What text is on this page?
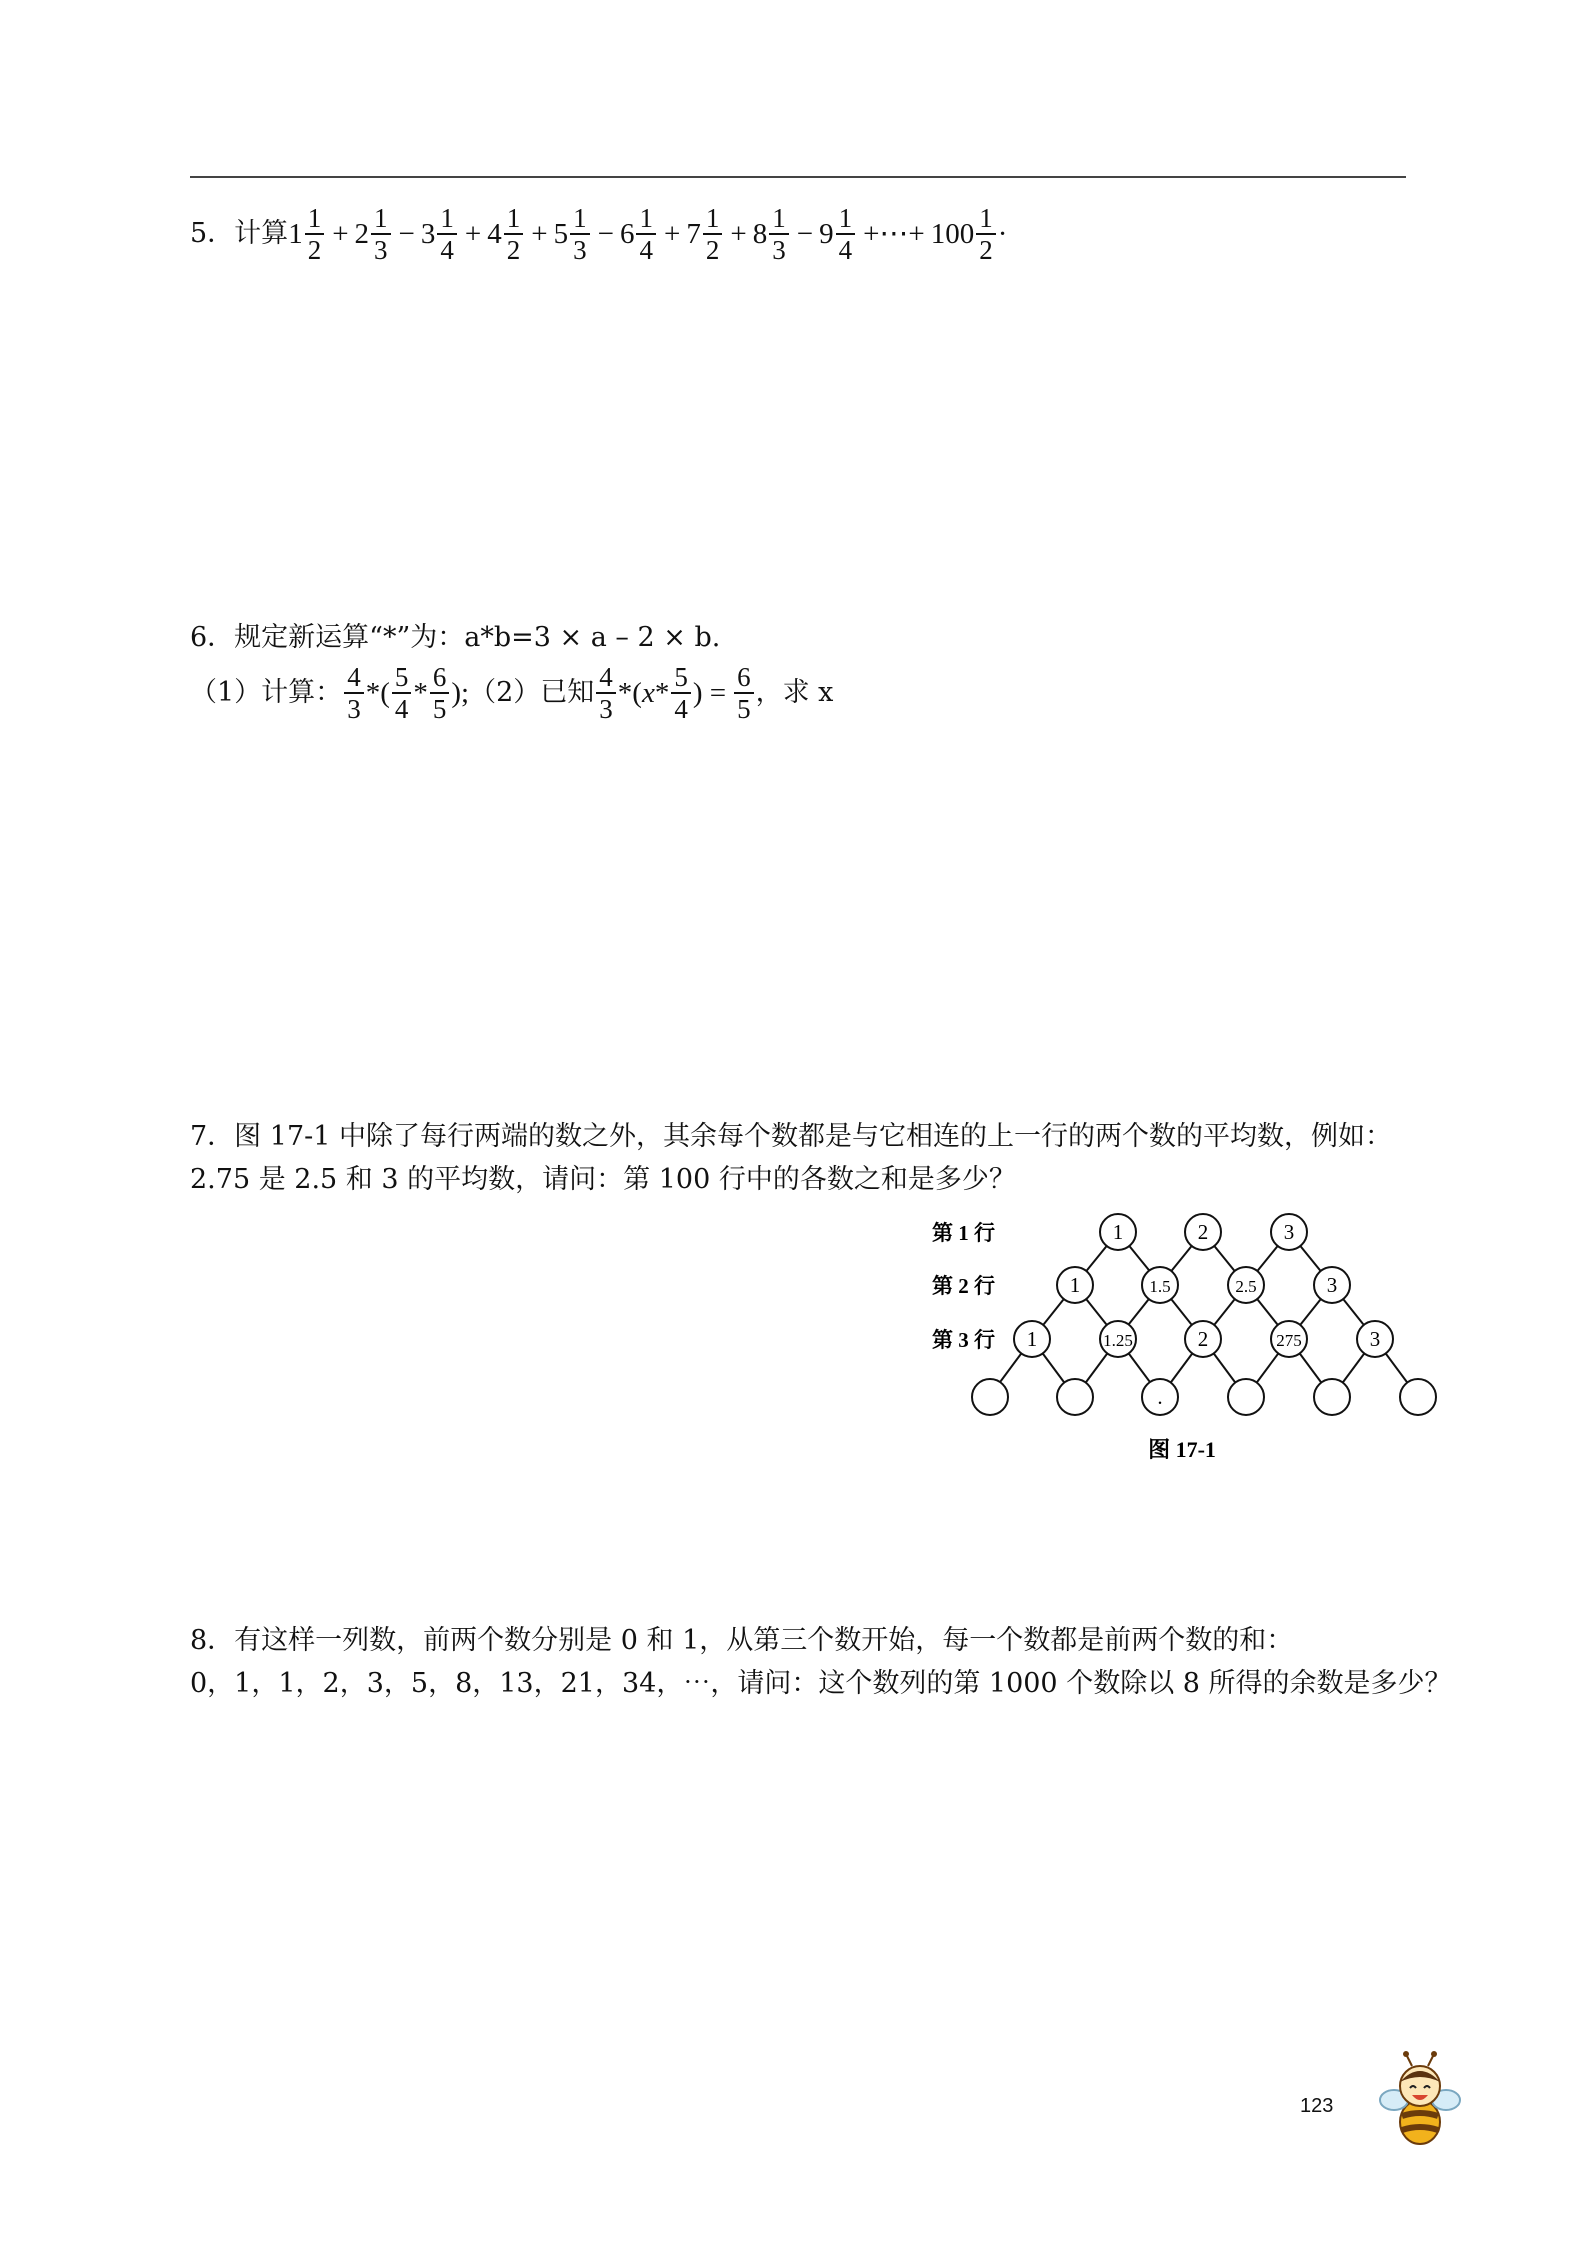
5．计算 $1 \frac{1}{2} + 2 \frac{1}{3} - 3 \frac{1}{4} + 4 \frac{1}{2} + 5 \frac{1}{3} - 6 \frac{1}{4} + 7 \frac{1}{2} + 8 \frac{1}{3} - 9 \frac{1}{4}$ +⋯+ $100 \frac{1}{2}$ ·
6．规定新运算“*”为：a*b=3 × a – 2 × b.
（1）计算： $\frac{4}{3}$ *( $\frac{5}{4} * \frac{6}{5}$ ); （2）已知 $\frac{4}{3}$ *( x * $\frac{5}{4}$ ) = $\frac{6}{5}$ ，求 x
7．图 17-1 中除了每行两端的数之外，其余每个数都是与它相连的上一行的两个数的平均数，例如：
2.75 是 2.5 和 3 的平均数，请问：第 100 行中的各数之和是多少？
1	2	3
1	1.5	2.5	3
1	1.25	2	275	3
.
第 1 行
第 2 行
第 3 行
图 17-1
8．有这样一列数，前两个数分别是 0 和 1，从第三个数开始，每一个数都是前两个数的和：
0，1，1，2，3，5，8，13，21，34，⋯，请问：这个数列的第 1000 个数除以 8 所得的余数是多少？
123
